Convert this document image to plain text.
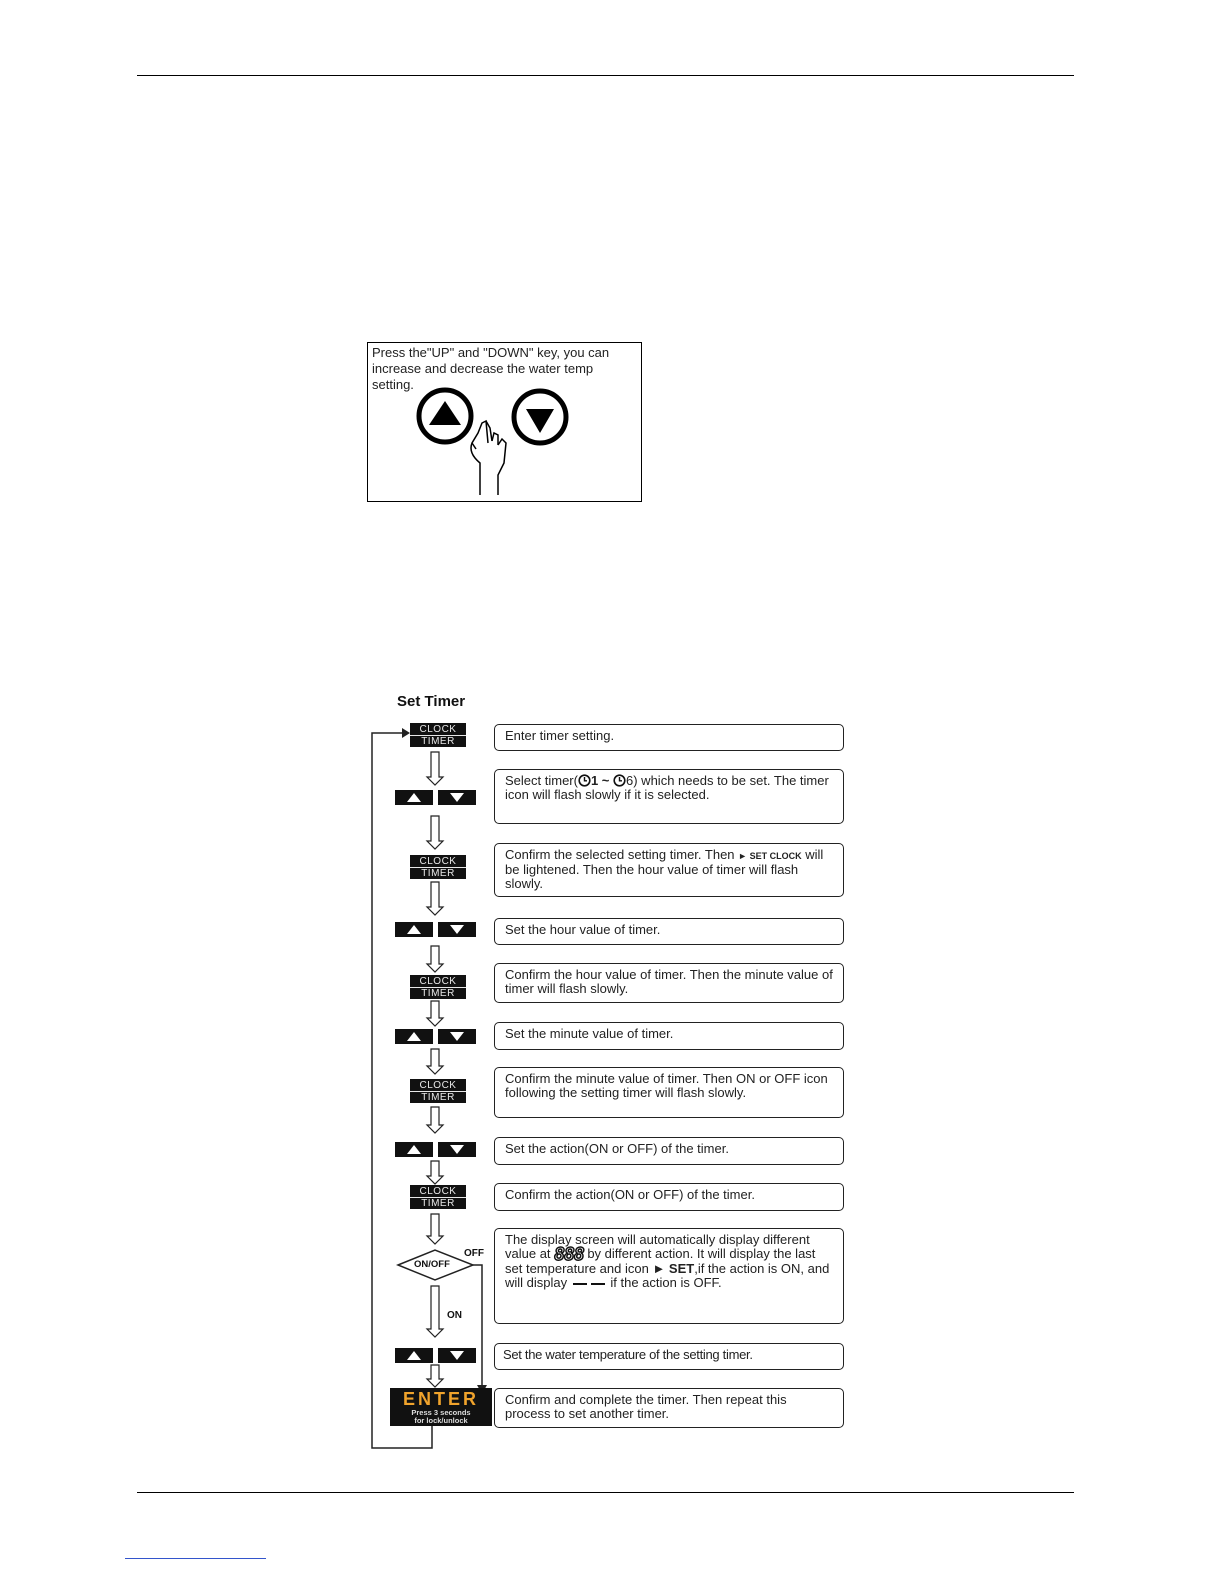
Press the"UP" and "DOWN" key, you can increase and decrease the water temp setting.
Set Timer
ON/OFF
OFF
ON
CLOCK
TIMER
CLOCK
TIMER
CLOCK
TIMER
CLOCK
TIMER
CLOCK
TIMER
ENTER
Press 3 seconds
for lock/unlock
Enter timer setting.
Select timer( 1 ~ 6) which needs to be set. The timer icon will flash slowly if it is selected.
Confirm the selected setting timer. Then ► SET CLOCK will be lightened. Then the hour value of timer will flash slowly.
Set the hour value of timer.
Confirm the hour value of timer. Then the minute value of timer will flash slowly.
Set the minute value of timer.
Confirm the minute value of timer. Then ON or OFF icon following the setting timer will flash slowly.
Set the action(ON or OFF) of the timer.
Confirm the action(ON or OFF) of the timer.
The display screen will automatically display different value at 888 by different action. It will display the last set temperature and icon ► SET,if the action is ON, and will display	if the action is OFF.
Set the water temperature of the setting timer.
Confirm and complete the timer. Then repeat this process to set another timer.
